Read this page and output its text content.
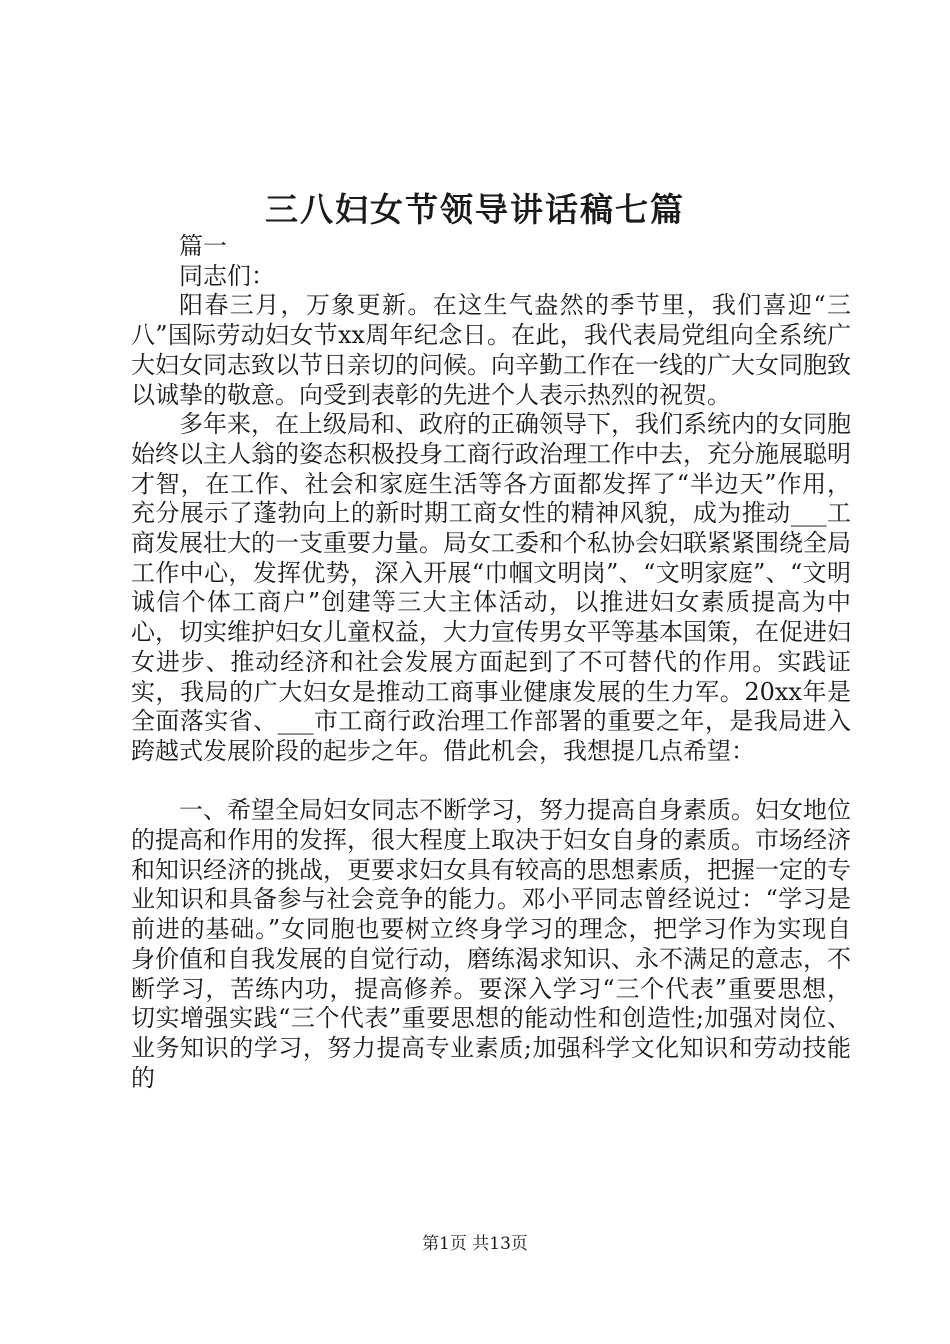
三八妇女节领导讲话稿七篇

篇一

同志们：

阳春三月，万象更新。在这生气盎然的季节里，我们喜迎“三八”国际劳动妇女节xx周年纪念日。在此，我代表局党组向全系统广大妇女同志致以节日亲切的问候。向辛勤工作在一线的广大女同胞致以诚挚的敬意。向受到表彰的先进个人表示热烈的祝贺。

多年来，在上级局和、政府的正确领导下，我们系统内的女同胞始终以主人翁的姿态积极投身工商行政治理工作中去，充分施展聪明才智，在工作、社会和家庭生活等各方面都发挥了“半边天”作用，充分展示了蓬勃向上的新时期工商女性的精神风貌，成为推动___工商发展壮大的一支重要力量。局女工委和个私协会妇联紧紧围绕全局工作中心，发挥优势，深入开展“巾帼文明岗”、“文明家庭”、“文明诚信个体工商户”创建等三大主体活动，以推进妇女素质提高为中心，切实维护妇女儿童权益，大力宣传男女平等基本国策，在促进妇女进步、推动经济和社会发展方面起到了不可替代的作用。实践证实，我局的广大妇女是推动工商事业健康发展的生力军。20xx年是全面落实省、___市工商行政治理工作部署的重要之年，是我局进入跨越式发展阶段的起步之年。借此机会，我想提几点希望：

一、希望全局妇女同志不断学习，努力提高自身素质。妇女地位的提高和作用的发挥，很大程度上取决于妇女自身的素质。市场经济和知识经济的挑战，更要求妇女具有较高的思想素质，把握一定的专业知识和具备参与社会竞争的能力。邓小平同志曾经说过：“学习是前进的基础。”女同胞也要树立终身学习的理念，把学习作为实现自身价值和自我发展的自觉行动，磨练渴求知识、永不满足的意志，不断学习，苦练内功，提高修养。要深入学习“三个代表”重要思想，切实增强实践“三个代表”重要思想的能动性和创造性;加强对岗位、业务知识的学习，努力提高专业素质;加强科学文化知识和劳动技能的

第1页 共13页
